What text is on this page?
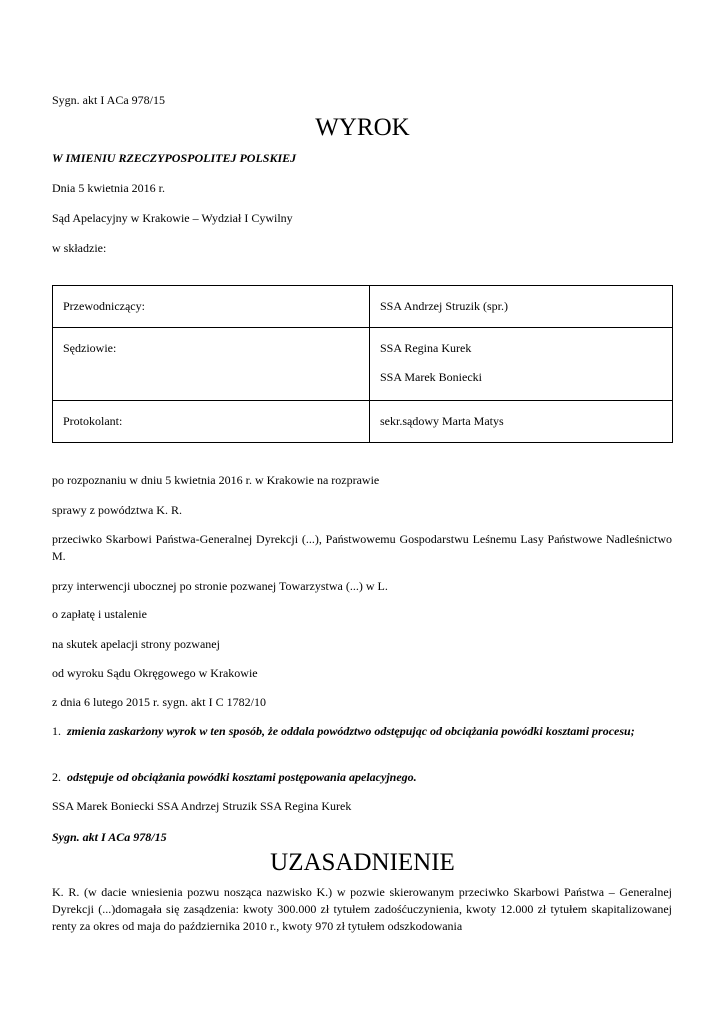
Sygn. akt I ACa 978/15

WYROK

W IMIENIU RZECZYPOSPOLITEJ POLSKIEJ

Dnia 5 kwietnia 2016 r.

Sąd Apelacyjny w Krakowie – Wydział I Cywilny

w składzie:

Przewodniczący:	SSA Andrzej Struzik (spr.)
Sędziowie:	SSA Regina Kurek
SSA Marek Boniecki

Protokolant:	sekr.sądowy Marta Matys

po rozpoznaniu w dniu 5 kwietnia 2016 r. w Krakowie na rozprawie

sprawy z powództwa K. R.

przeciwko Skarbowi Państwa-Generalnej Dyrekcji (...), Państwowemu Gospodarstwu Leśnemu Lasy Państwowe Nadleśnictwo M.

przy interwencji ubocznej po stronie pozwanej Towarzystwa (...) w L.

o zapłatę i ustalenie

na skutek apelacji strony pozwanej

od wyroku Sądu Okręgowego w Krakowie

z dnia 6 lutego 2015 r. sygn. akt I C 1782/10

1. zmienia zaskarżony wyrok w ten sposób, że oddala powództwo odstępując od obciążania powódki kosztami procesu;

2. odstępuje od obciążania powódki kosztami postępowania apelacyjnego.

SSA Marek Boniecki SSA Andrzej Struzik SSA Regina Kurek

Sygn. akt I ACa 978/15

UZASADNIENIE

K. R. (w dacie wniesienia pozwu nosząca nazwisko K.) w pozwie skierowanym przeciwko Skarbowi Państwa – Generalnej Dyrekcji (...)domagała się zasądzenia: kwoty 300.000 zł tytułem zadośćuczynienia, kwoty 12.000 zł tytułem skapitalizowanej renty za okres od maja do października 2010 r., kwoty 970 zł tytułem odszkodowania
